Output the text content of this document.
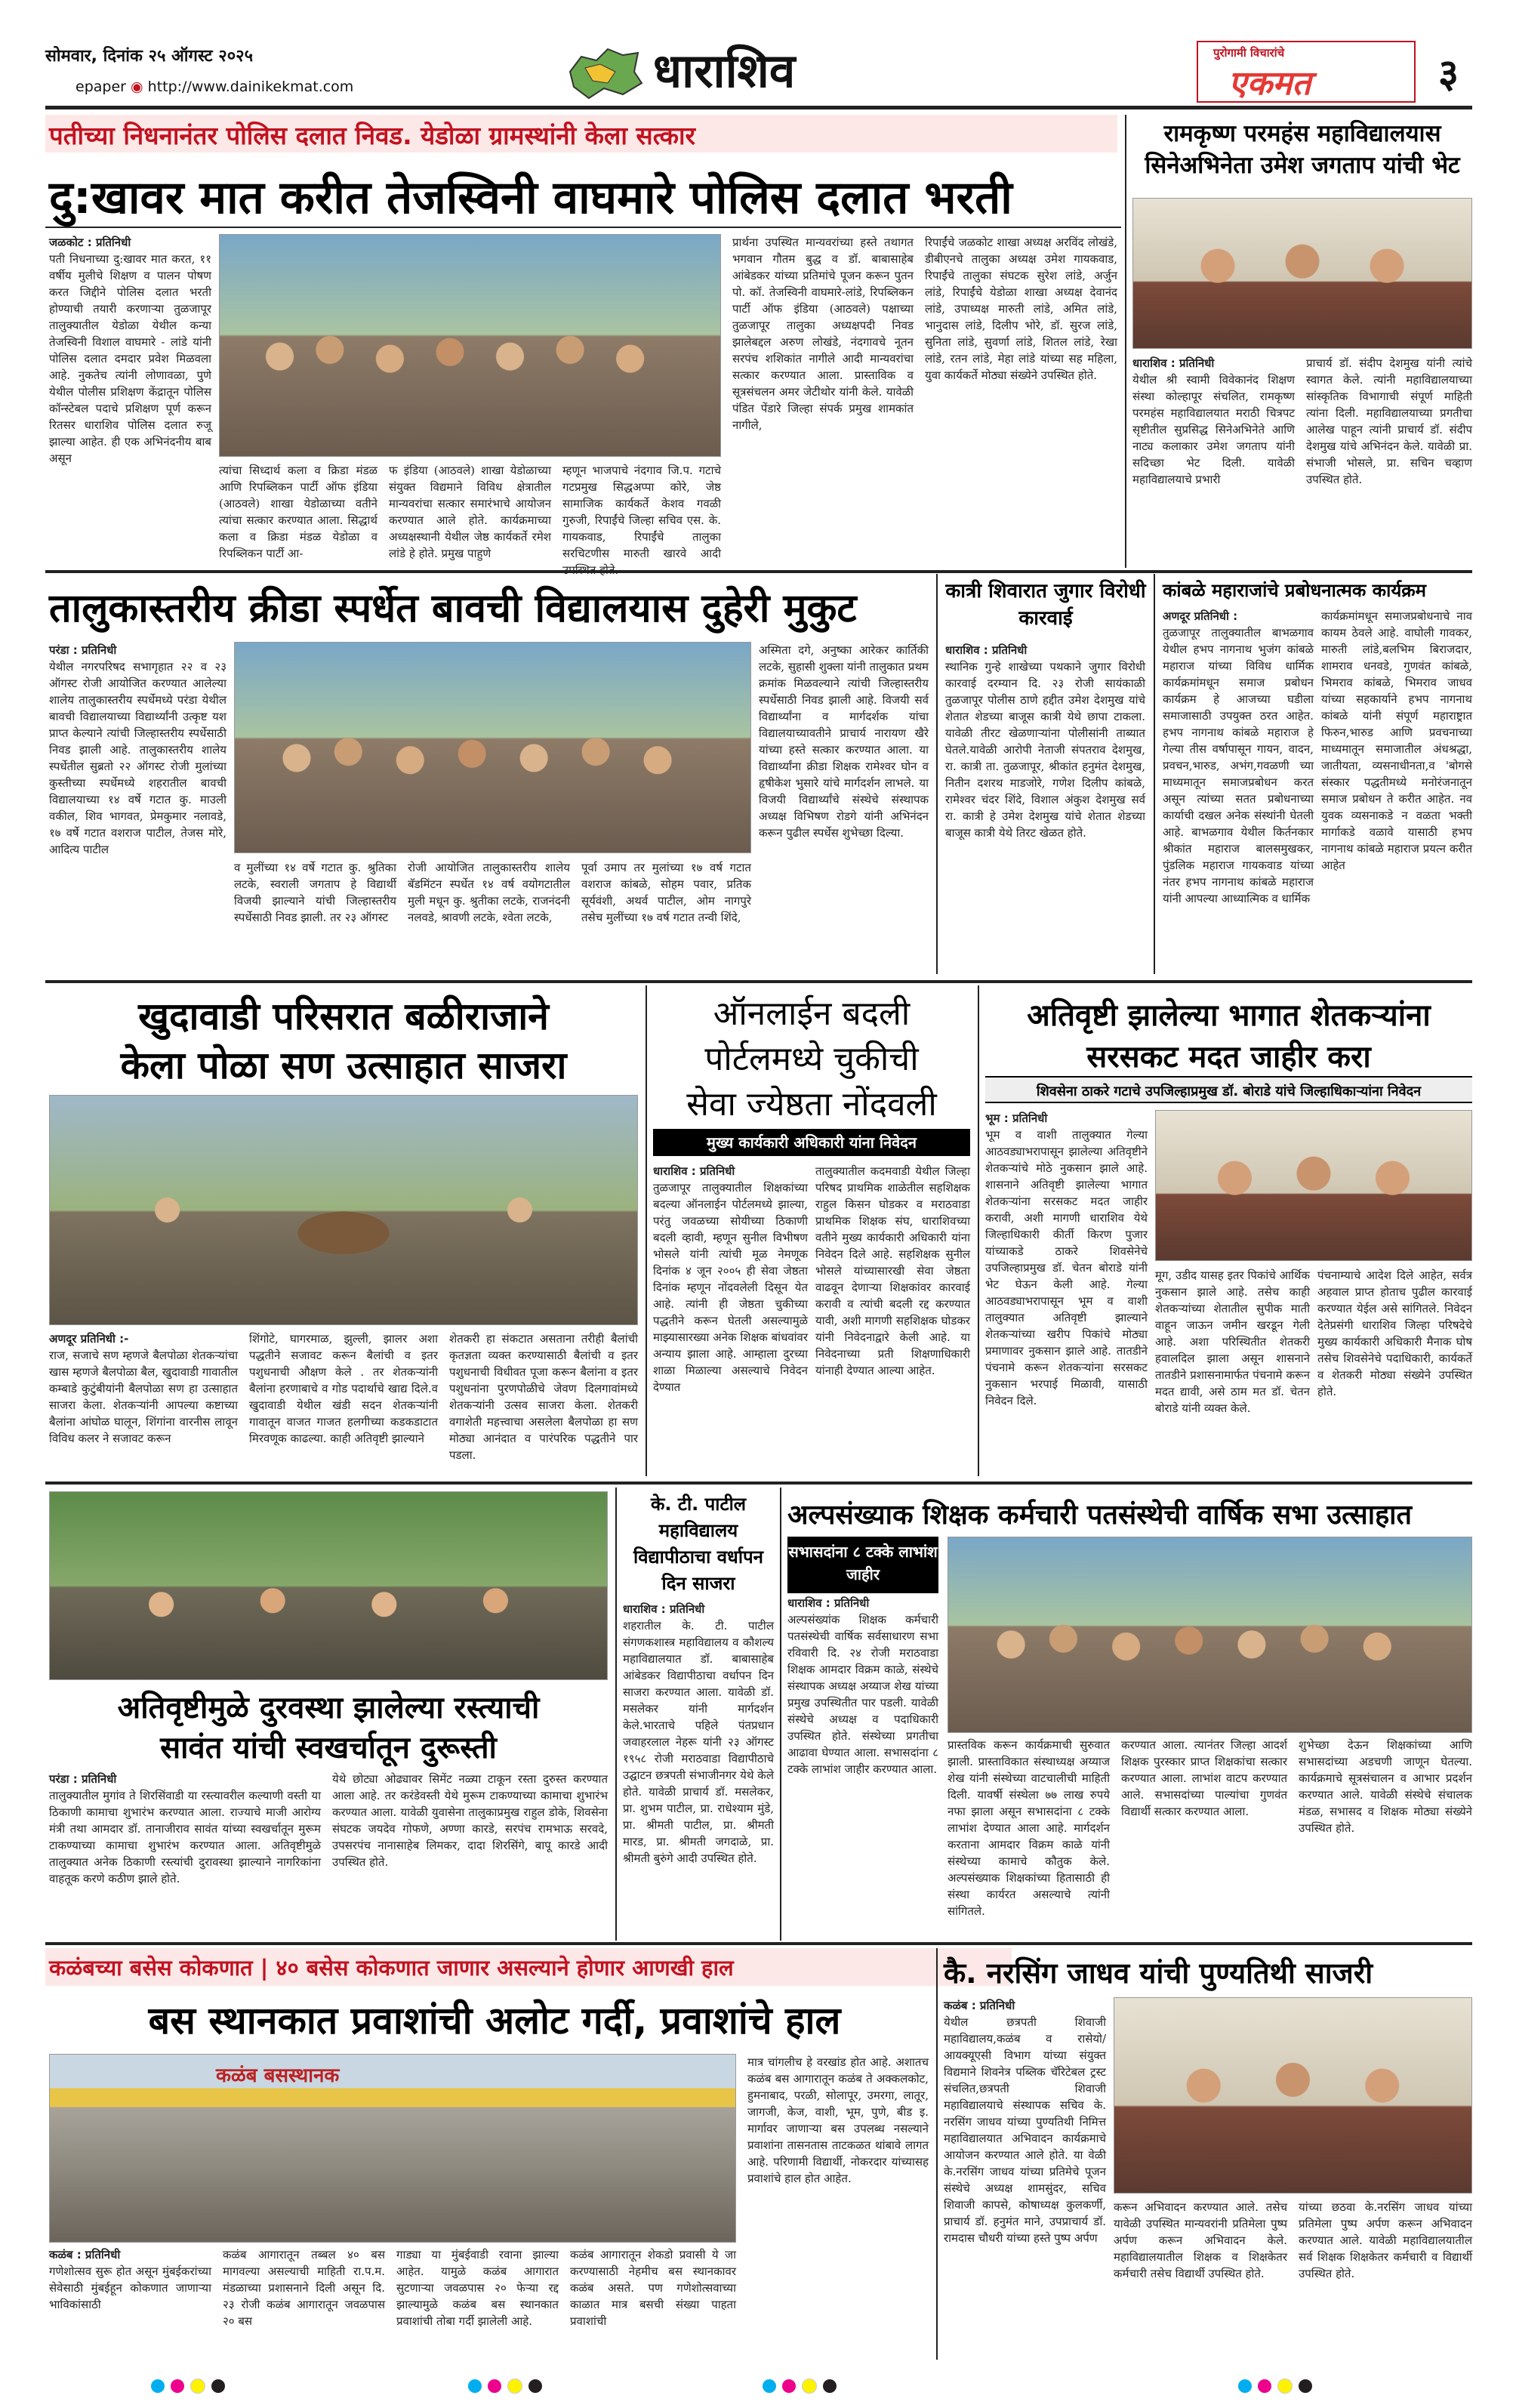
सोमवार, दिनांक २५ ऑगस्ट २०२५
epaper ◉ http://www.dainikekmat.com	धाराशिव	पुरोगामी विचारांचे
एकमत	३
पतीच्या निधनानंतर पोलिस दलात निवड. येडोळा ग्रामस्थांनी केला सत्कार
दु:खावर मात करीत तेजस्विनी वाघमारे पोलिस दलात भरती
जळकोट : प्रतिनिधी
पती निधनाच्या दु:खावर मात करत, ११ वर्षीय मुलीचे शिक्षण व पालन पोषण करत जिद्दीने पोलिस दलात भरती होण्याची तयारी करणाऱ्या तुळजापूर तालुक्यातील येडोळा येथील कन्या तेजस्विनी विशाल वाघमारे - लांडे यांनी पोलिस दलात दमदार प्रवेश मिळवला आहे. नुकतेच त्यांनी लोणावळा, पुणे येथील पोलीस प्रशिक्षण केंद्रातून पोलिस कॉन्स्टेबल पदाचे प्रशिक्षण पूर्ण करून रितसर धाराशिव पोलिस दलात रुजू झाल्या आहेत. ही एक अभिनंदनीय बाब असून
त्यांचा सिध्दार्थ कला व क्रिडा मंडळ आणि रिपब्लिकन पार्टी ऑफ इंडिया (आठवले) शाखा येडोळाच्या वतीने त्यांचा सत्कार करण्यात आला. सिद्धार्थ कला व क्रिडा मंडळ येडोळा व रिपब्लिकन पार्टी आ-
फ इंडिया (आठवले) शाखा येडोळाच्या संयुक्त विद्यमाने विविध क्षेत्रातील मान्यवरांचा सत्कार समारंभाचे आयोजन करण्यात आले होते. कार्यक्रमाच्या अध्यक्षस्थानी येथील जेष्ठ कार्यकर्ते रमेश लांडे हे होते. प्रमुख पाहुणे
म्हणून भाजपाचे नंदगाव जि.प. गटाचे गटप्रमुख सिद्धअप्पा कोरे, जेष्ठ सामाजिक कार्यकर्ते केशव गवळी गुरुजी, रिपाईंचे जिल्हा सचिव एस. के. गायकवाड, रिपाईंचे तालुका सरचिटणीस मारुती खारवे आदी
प्रार्थना उपस्थित मान्यवरांच्या हस्ते तथागत भगवान गौतम बुद्ध व डॉ. बाबासाहेब आंबेडकर यांच्या प्रतिमांचे पूजन करून पुतन पो. कॉ. तेजस्विनी वाघमारे-लांडे, रिपब्लिकन पार्टी ऑफ इंडिया (आठवले) पक्षाच्या तुळजापूर तालुका अध्यक्षपदी निवड झालेबद्दल अरुण लोखंडे, नंदगावचे नूतन सरपंच शशिकांत नागीले आदी मान्यवरांचा सत्कार करण्यात आला. प्रास्ताविक व सूत्रसंचलन अमर जेटीथोर यांनी केले. यावेळी पंडित पेंडारे जिल्हा संपर्क प्रमुख शामकांत नागीले,
रिपाईंचे जळकोट शाखा अध्यक्ष अरविंद लोखंडे, डीबीएनचे तालुका अध्यक्ष उमेश गायकवाड, रिपाईंचे तालुका संघटक सुरेश लांडे, अर्जुन लांडे, रिपाईंचे येडोळा शाखा अध्यक्ष देवानंद लांडे, उपाध्यक्ष मारुती लांडे, अमित लांडे, भानुदास लांडे, दिलीप भोरे, डॉ. सुरज लांडे, सुनिता लांडे, सुवर्णा लांडे, शितल लांडे, रेखा लांडे, रतन लांडे, मेहा लांडे यांच्या सह महिला, युवा कार्यकर्ते मोठ्या संख्येने उपस्थित होते.
रामकृष्ण परमहंस महाविद्यालयास सिनेअभिनेता उमेश जगताप यांची भेट
धाराशिव : प्रतिनिधी
येथील श्री स्वामी विवेकानंद शिक्षण संस्था कोल्हापूर संचलित, रामकृष्ण परमहंस महाविद्यालयात मराठी चित्रपट सृष्टीतील सुप्रसिद्ध सिनेअभिनेते आणि नाट्य कलाकार उमेश जगताप यांनी सदिच्छा भेट दिली. यावेळी महाविद्यालयाचे प्रभारी
प्राचार्य डॉ. संदीप देशमुख यांनी त्यांचे स्वागत केले. त्यांनी महाविद्यालयाच्या सांस्कृतिक विभागाची संपूर्ण माहिती त्यांना दिली. महाविद्यालयाच्या प्रगतीचा आलेख पाहून त्यांनी प्राचार्य डॉ. संदीप देशमुख यांचे अभिनंदन केले. यावेळी प्रा. संभाजी भोसले, प्रा. सचिन चव्हाण उपस्थित होते.
तालुकास्तरीय क्रीडा स्पर्धेत बावची विद्यालयास दुहेरी मुकुट
परंडा : प्रतिनिधी
येथील नगरपरिषद सभागृहात २२ व २३ ऑगस्ट रोजी आयोजित करण्यात आलेल्या शालेय तालुकास्तरीय स्पर्धेमध्ये परंडा येथील बावची विद्यालयाच्या विद्यार्थ्यांनी उत्कृष्ट यश प्राप्त केल्याने त्यांची जिल्हास्तरीय स्पर्धेसाठी निवड झाली आहे. तालुकास्तरीय शालेय स्पर्धेतील सुब्रतो २२ ऑगस्ट रोजी मुलांच्या कुस्तीच्या स्पर्धेमध्ये शहरातील बावची विद्यालयाच्या १४ वर्षे गटात कु. माउली वकील, शिव भागवत, प्रेमकुमार नलावडे, १७ वर्षे गटात वशराज पाटील, तेजस मोरे, आदित्य पाटील
व मुलींच्या १४ वर्षे गटात कु. श्रुतिका लटके, स्वराली जगताप हे विद्यार्थी विजयी झाल्याने यांची जिल्हास्तरीय स्पर्धेसाठी निवड झाली. तर २३ ऑगस्ट
रोजी आयोजित तालुकास्तरीय शालेय बॅडमिंटन स्पर्धेत १४ वर्ष वयोगटातील मुली मधून कु. श्रुतीका लटके, राजनंदनी नलवडे, श्रावणी लटके, श्वेता लटके,
पूर्वा उमाप तर मुलांच्या १७ वर्ष गटात वशराज कांबळे, सोहम पवार, प्रतिक सूर्यवंशी, अथर्व पाटील, ओम नागपुरे तसेच मुलींच्या १७ वर्ष गटात तन्वी शिंदे,
अस्मिता दगे, अनुष्का आरेकर कार्तिकी लटके, सुहासी शुक्ला यांनी तालुकात प्रथम क्रमांक मिळवल्याने त्यांची जिल्हास्तरीय स्पर्धेसाठी निवड झाली आहे. विजयी सर्व विद्यार्थ्यांना व मार्गदर्शक यांचा विद्यालयाच्यावतीने प्राचार्य नारायण खैरे यांच्या हस्ते सत्कार करण्यात आला. या विद्यार्थ्यांना क्रीडा शिक्षक रामेश्वर घोन व हृषीकेश भुसारे यांचे मार्गदर्शन लाभले. या विजयी विद्यार्थ्यांचे संस्थेचे संस्थापक अध्यक्ष विभिषण रोडगे यांनी अभिनंदन करून पुढील स्पर्धेस शुभेच्छा दिल्या.
कात्री शिवारात जुगार विरोधी कारवाई
धाराशिव : प्रतिनिधी
स्थानिक गुन्हे शाखेच्या पथकाने जुगार विरोधी कारवाई दरम्यान दि. २३ रोजी सायंकाळी तुळजापूर पोलीस ठाणे हद्दीत उमेश देशमुख यांचे शेतात शेडच्या बाजूस कात्री येथे छापा टाकला. यावेळी तीरट खेळणाऱ्यांना पोलीसांनी ताब्यात घेतले.यावेळी आरोपी नेताजी संपतराव देशमुख, रा. कात्री ता. तुळजापूर, श्रीकांत हनुमंत देशमुख, नितीन दशरथ माडजोरे, गणेश दिलीप कांबळे, रामेश्वर चंदर शिंदे, विशाल अंकुश देशमुख सर्व रा. कात्री हे उमेश देशमुख यांचे शेतात शेडच्या बाजूस कात्री येथे तिरट खेळत होते.
कांबळे महाराजांचे प्रबोधनात्मक कार्यक्रम
अणदूर प्रतिनिधी :
तुळजापूर तालुक्यातील बाभळगाव येथील हभप नागनाथ भुजंग कांबळे महाराज यांच्या विविध धार्मिक कार्यक्रमांमधून समाज प्रबोधन कार्यक्रम हे आजच्या घडीला समाजासाठी उपयुक्त ठरत आहेत. हभप नागनाथ कांबळे महाराज हे गेल्या तीस वर्षापासून गायन, वादन, प्रवचन,भारुड, अभंग,गवळणी च्या माध्यमातून समाजप्रबोधन करत असून त्यांच्या सतत प्रबोधनाच्या कार्याची दखल अनेक संस्थांनी घेतली आहे. बाभळगाव येथील किर्तनकार श्रीकांत महाराज बालसमुखकर, पुंडलिक महाराज गायकवाड यांच्या नंतर हभप नागनाथ कांबळे महाराज यांनी आपल्या आध्यात्मिक व धार्मिक
कार्यक्रमांमधून समाजप्रबोधनाचे नाव कायम ठेवले आहे. वाघोली गावकर, मारुती लांडे,बलभिम बिराजदार, शामराव धनवडे, गुणवंत कांबळे, भिमराव कांबळे, भिमराव जाधव यांच्या सहकार्याने हभप नागनाथ कांबळे यांनी संपूर्ण महाराष्ट्रात फिरुन,भारुड आणि प्रवचनाच्या माध्यमातून समाजातील अंधश्रद्धा, जातीयता, व्यसनाधीनता,व 'बोगसे संस्कार पद्धतीमध्ये मनोरंजनातून समाज प्रबोधन ते करीत आहेत. नव युवक व्यसनाकडे न वळता भक्ती मार्गाकडे वळावे यासाठी हभप नागनाथ कांबळे महाराज प्रयत्न करीत आहेत
खुदावाडी परिसरात बळीराजाने
केला पोळा सण उत्साहात साजरा
अणदूर प्रतिनिधी :-
राज, सजाचे सण म्हणजे बैलपोळा शेतकऱ्यांचा खास म्हणजे बैलपोळा बैल, खुदावाडी गावातील कम्बाडे कुटुंबीयांनी बैलपोळा सण हा उत्साहात साजरा केला. शेतकऱ्यांनी आपल्या कष्टाच्या बैलांना आंघोळ घालून, शिंगांना वारनीस लावून विविध कलर ने सजावट करून
शिंगोटे, घागरमाळ, झुल्ली, झालर अशा पद्धतीने सजावट करून बैलांची व इतर पशुधनाची औक्षण केले . तर शेतकऱ्यांनी बैलांना हरणाबाचे व गोड पदार्थाचे खाद्य दिले.व खुदावाडी येथील खंडी सदन शेतकऱ्यांनी गावातून वाजत गाजत हलगीच्या कडकडाटात मिरवणूक काढल्या. काही अतिवृष्टी झाल्याने
शेतकरी हा संकटात असताना तरीही बैलांची कृतज्ञता व्यक्त करण्यासाठी बैलांची व इतर पशुधनाची विधीवत पूजा करून बैलांना व इतर पशुधनांना पुरणपोळीचे जेवण दिलगावांमध्ये शेतकऱ्यांनी उत्सव साजरा केला. शेतकरी वगाशेती महत्त्वाचा असलेला बैलपोळा हा सण मोठ्या आनंदात व पारंपरिक पद्धतीने पार पडला.
ऑनलाईन बदली
पोर्टलमध्ये चुकीची
सेवा ज्येष्ठता नोंदवली
मुख्य कार्यकारी अधिकारी यांना निवेदन
धाराशिव : प्रतिनिधी
तुळजापूर तालुक्यातील शिक्षकांच्या बदल्या ऑनलाईन पोर्टलमध्ये झाल्या, परंतु जवळच्या सोयीच्या ठिकाणी बदली व्हावी, म्हणून सुनील विभीषण भोसले यांनी त्यांची मूळ नेमणूक दिनांक ४ जून २००५ ही सेवा जेष्ठता दिनांक म्हणून नोंदवलेली दिसून येत आहे. त्यांनी ही जेष्ठता चुकीच्या पद्धतीने करून घेतली असल्यामुळे माझ्यासारख्या अनेक शिक्षक बांधवांवर अन्याय झाला आहे. आम्हाला दुरच्या शाळा मिळाल्या असल्याचे निवेदन देण्यात
तालुक्यातील कदमवाडी येथील जिल्हा परिषद प्राथमिक शाळेतील सहशिक्षक राहुल किसन घोडकर व मराठवाडा प्राथमिक शिक्षक संघ, धाराशिवच्या वतीने मुख्य कार्यकारी अधिकारी यांना निवेदन दिले आहे. सहशिक्षक सुनील भोसले यांच्यासारखी सेवा जेष्ठता वाढवून देणाऱ्या शिक्षकांवर कारवाई करावी व त्यांची बदली रद्द करण्यात यावी, अशी मागणी सहशिक्षक घोडकर यांनी निवेदनाद्वारे केली आहे. या निवेदनाच्या प्रती शिक्षणाधिकारी यांनाही देण्यात आल्या आहेत.
अतिवृष्टी झालेल्या भागात शेतकऱ्यांना
सरसकट मदत जाहीर करा
शिवसेना ठाकरे गटाचे उपजिल्हाप्रमुख डॉ. बोराडे यांचे जिल्हाधिकाऱ्यांना निवेदन
भूम : प्रतिनिधी
भूम व वाशी तालुक्यात गेल्या आठवड्याभरापासून झालेल्या अतिवृष्टीने शेतकऱ्यांचे मोठे नुकसान झाले आहे. शासनाने अतिवृष्टी झालेल्या भागात शेतकऱ्यांना सरसकट मदत जाहीर करावी, अशी मागणी धाराशिव येथे जिल्हाधिकारी कीर्ती किरण पुजार यांच्याकडे ठाकरे शिवसेनेचे उपजिल्हाप्रमुख डॉ. चेतन बोराडे यांनी भेट घेऊन केली आहे. गेल्या आठवड्याभरापासून भूम व वाशी तालुक्यात अतिवृष्टी झाल्याने शेतकऱ्यांच्या खरीप पिकांचे मोठ्या प्रमाणावर नुकसान झाले आहे. तातडीने पंचनामे करून शेतकऱ्यांना सरसकट नुकसान भरपाई मिळावी, यासाठी निवेदन दिले.
मूग, उडीद यासह इतर पिकांचे आर्थिक नुकसान झाले आहे. तसेच काही शेतकऱ्यांच्या शेतातील सुपीक माती वाहून जाऊन जमीन खरडून गेली आहे. अशा परिस्थितीत शेतकरी हवालदिल झाला असून शासनाने तातडीने प्रशासनामार्फत पंचनामे करून मदत द्यावी, असे ठाम मत डॉ. चेतन बोराडे यांनी व्यक्त केले.
पंचनाम्याचे आदेश दिले आहेत, सर्वत्र अहवाल प्राप्त होताच पुढील कारवाई करण्यात येईल असे सांगितले. निवेदन देतेप्रसंगी धाराशिव जिल्हा परिषदेचे मुख्य कार्यकारी अधिकारी मैनाक घोष तसेच शिवसेनेचे पदाधिकारी, कार्यकर्ते व शेतकरी मोठ्या संख्येने उपस्थित होते.
अतिवृष्टीमुळे दुरवस्था झालेल्या रस्त्याची
सावंत यांची स्वखर्चातून दुरूस्ती
परंडा : प्रतिनिधी
तालुक्यातील मुगांव ते शिरसिंवाडी या रस्त्यावरील कल्याणी वस्ती या ठिकाणी कामाचा शुभारंभ करण्यात आला. राज्याचे माजी आरोग्य मंत्री तथा आमदार डॉ. तानाजीराव सावंत यांच्या स्वखर्चातून मुरूम टाकण्याच्या कामाचा शुभारंभ करण्यात आला. अतिवृष्टीमुळे तालुक्यात अनेक ठिकाणी रस्त्यांची दुरावस्था झाल्याने नागरिकांना वाहतूक करणे कठीण झाले होते.
येथे छोट्या ओढ्यावर सिमेंट नळ्या टाकून रस्ता दुरुस्त करण्यात आला आहे. तर करंडेवस्ती येथे मुरूम टाकण्याच्या कामाचा शुभारंभ करण्यात आला. यावेळी युवासेना तालुकाप्रमुख राहुल डोके, शिवसेना संघटक जयदेव गोफणे, अण्णा कारडे, सरपंच रामभाऊ सरवदे, उपसरपंच नानासाहेब लिमकर, दादा शिरसिंगे, बापू कारडे आदी उपस्थित होते.
के. टी. पाटील
महाविद्यालय
विद्यापीठाचा वर्धापन
दिन साजरा
धाराशिव : प्रतिनिधी
शहरातील के. टी. पाटील संगणकशास्त्र महाविद्यालय व कौशल्य महाविद्यालयात डॉ. बाबासाहेब आंबेडकर विद्यापीठाचा वर्धापन दिन साजरा करण्यात आला. यावेळी डॉ. मसलेकर यांनी मार्गदर्शन केले.भारताचे पहिले पंतप्रधान जवाहरलाल नेहरू यांनी २३ ऑगस्ट १९५८ रोजी मराठवाडा विद्यापीठाचे उद्घाटन छत्रपती संभाजीनगर येथे केले होते. यावेळी प्राचार्य डॉ. मसलेकर, प्रा. शुभम पाटील, प्रा. राधेश्याम मुंडे, प्रा. श्रीमती पाटील, प्रा. श्रीमती मारड, प्रा. श्रीमती जगदाळे, प्रा. श्रीमती बुरुंगे आदी उपस्थित होते.
अल्पसंख्याक शिक्षक कर्मचारी पतसंस्थेची वार्षिक सभा उत्साहात
सभासदांना ८ टक्के लाभांश जाहीर
धाराशिव : प्रतिनिधी
अल्पसंख्यांक शिक्षक कर्मचारी पतसंस्थेची वार्षिक सर्वसाधारण सभा रविवारी दि. २४ रोजी मराठवाडा शिक्षक आमदार विक्रम काळे, संस्थेचे संस्थापक अध्यक्ष अय्याज शेख यांच्या प्रमुख उपस्थितीत पार पडली. यावेळी संस्थेचे अध्यक्ष व पदाधिकारी उपस्थित होते. संस्थेच्या प्रगतीचा आढावा घेण्यात आला. सभासदांना ८ टक्के लाभांश जाहीर करण्यात आला.
प्रास्तविक करून कार्यक्रमाची सुरुवात झाली. प्रास्ताविकात संस्थाध्यक्ष अय्याज शेख यांनी संस्थेच्या वाटचालीची माहिती दिली. यावर्षी संस्थेला ७७ लाख रुपये नफा झाला असून सभासदांना ८ टक्के लाभांश देण्यात आला आहे. मार्गदर्शन करताना आमदार विक्रम काळे यांनी संस्थेच्या कामाचे कौतुक केले. अल्पसंख्याक शिक्षकांच्या हितासाठी ही संस्था कार्यरत असल्याचे त्यांनी सांगितले.
करण्यात आला. त्यानंतर जिल्हा आदर्श शिक्षक पुरस्कार प्राप्त शिक्षकांचा सत्कार करण्यात आला. लाभांश वाटप करण्यात आले. सभासदांच्या पाल्यांचा गुणवंत विद्यार्थी सत्कार करण्यात आला.
शुभेच्छा देऊन शिक्षकांच्या आणि सभासदांच्या अडचणी जाणून घेतल्या. कार्यक्रमाचे सूत्रसंचालन व आभार प्रदर्शन करण्यात आले. यावेळी संस्थेचे संचालक मंडळ, सभासद व शिक्षक मोठ्या संख्येने उपस्थित होते.
कळंबच्या बसेस कोकणात | ४० बसेस कोकणात जाणार असल्याने होणार आणखी हाल
बस स्थानकात प्रवाशांची अलोट गर्दी, प्रवाशांचे हाल
कळंब बसस्थानक
कळंब : प्रतिनिधी
गणेशोत्सव सुरू होत असून मुंबईकरांच्या सेवेसाठी मुंबईहून कोकणात जाणाऱ्या भाविकांसाठी
कळंब आगारातून तब्बल ४० बस मागवल्या असल्याची माहिती रा.प.म. मंडळाच्या प्रशासनाने दिली असून दि. २३ रोजी कळंब आगारातून जवळपास २० बस
गाड्या या मुंबईवाडी रवाना झाल्या आहेत. यामुळे कळंब आगारात सुटणाऱ्या जवळपास २० फेऱ्या रद्द झाल्यामुळे कळंब बस स्थानकात प्रवाशांची तोबा गर्दी झालेली आहे.
कळंब आगारातून शेकडो प्रवासी ये जा करण्यासाठी नेहमीच बस स्थानकावर कळंब असते. पण गणेशोत्सवाच्या काळात मात्र बसची संख्या पाहता प्रवाशांची
मात्र चांगलीच हे वरखांड होत आहे. अशातच कळंब बस आगारातून कळंब ते अक्कलकोट, हुमनाबाद, परळी, सोलापूर, उमरगा, लातूर, जागजी, केज, वाशी, भूम, पुणे, बीड इ. मार्गावर जाणाऱ्या बस उपलब्ध नसल्याने प्रवाशांना तासनतास ताटकळत थांबावे लागत आहे. परिणामी विद्यार्थी, नोकरदार यांच्यासह प्रवाशांचे हाल होत आहेत.
कै. नरसिंग जाधव यांची पुण्यतिथी साजरी
कळंब : प्रतिनिधी
येथील छत्रपती शिवाजी महाविद्यालय,कळंब व रासेयो/आयक्यूएसी विभाग यांच्या संयुक्त विद्यमाने शिवनेत्र पब्लिक चॅरिटेबल ट्रस्ट संचलित,छत्रपती शिवाजी महाविद्यालयाचे संस्थापक सचिव के. नरसिंग जाधव यांच्या पुण्यतिथी निमित्त महाविद्यालयात अभिवादन कार्यक्रमाचे आयोजन करण्यात आले होते. या वेळी के.नरसिंग जाधव यांच्या प्रतिमेचे पूजन संस्थेचे अध्यक्ष शामसुंदर, सचिव शिवाजी कापसे, कोषाध्यक्ष कुलकर्णी, प्राचार्य डॉ. हनुमंत माने, उपप्राचार्य डॉ. रामदास चौधरी यांच्या हस्ते पुष्प अर्पण
करून अभिवादन करण्यात आले. तसेच यावेळी उपस्थित मान्यवरांनी प्रतिमेला पुष्प अर्पण करून अभिवादन केले. महाविद्यालयातील शिक्षक व शिक्षकेतर कर्मचारी तसेच विद्यार्थी उपस्थित होते.
यांच्या छठवा के.नरसिंग जाधव यांच्या प्रतिमेला पुष्प अर्पण करून अभिवादन करण्यात आले. यावेळी महाविद्यालयातील सर्व शिक्षक शिक्षकेतर कर्मचारी व विद्यार्थी उपस्थित होते.
